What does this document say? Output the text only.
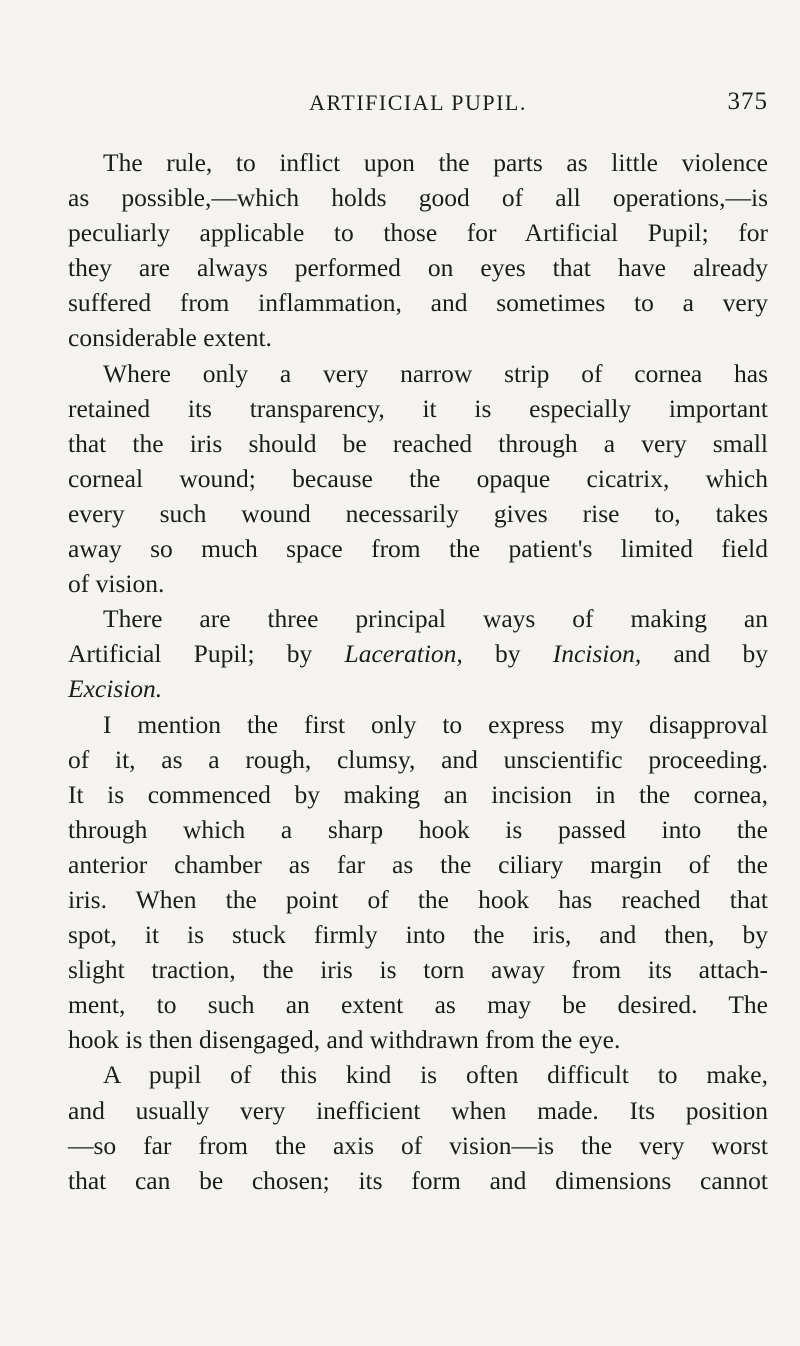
ARTIFICIAL PUPIL.	375
The rule, to inflict upon the parts as little violence
as possible,—which holds good of all operations,—is
peculiarly applicable to those for Artificial Pupil; for
they are always performed on eyes that have already
suffered from inflammation, and sometimes to a very
considerable extent.
Where only a very narrow strip of cornea has
retained its transparency, it is especially important
that the iris should be reached through a very small
corneal wound; because the opaque cicatrix, which
every such wound necessarily gives rise to, takes
away so much space from the patient's limited field
of vision.
There are three principal ways of making an
Artificial Pupil; by Laceration, by Incision, and by
Excision.
I mention the first only to express my disapproval
of it, as a rough, clumsy, and unscientific proceeding.
It is commenced by making an incision in the cornea,
through which a sharp hook is passed into the
anterior chamber as far as the ciliary margin of the
iris. When the point of the hook has reached that
spot, it is stuck firmly into the iris, and then, by
slight traction, the iris is torn away from its attach-
ment, to such an extent as may be desired. The
hook is then disengaged, and withdrawn from the eye.
A pupil of this kind is often difficult to make,
and usually very inefficient when made. Its position
—so far from the axis of vision—is the very worst
that can be chosen; its form and dimensions cannot
